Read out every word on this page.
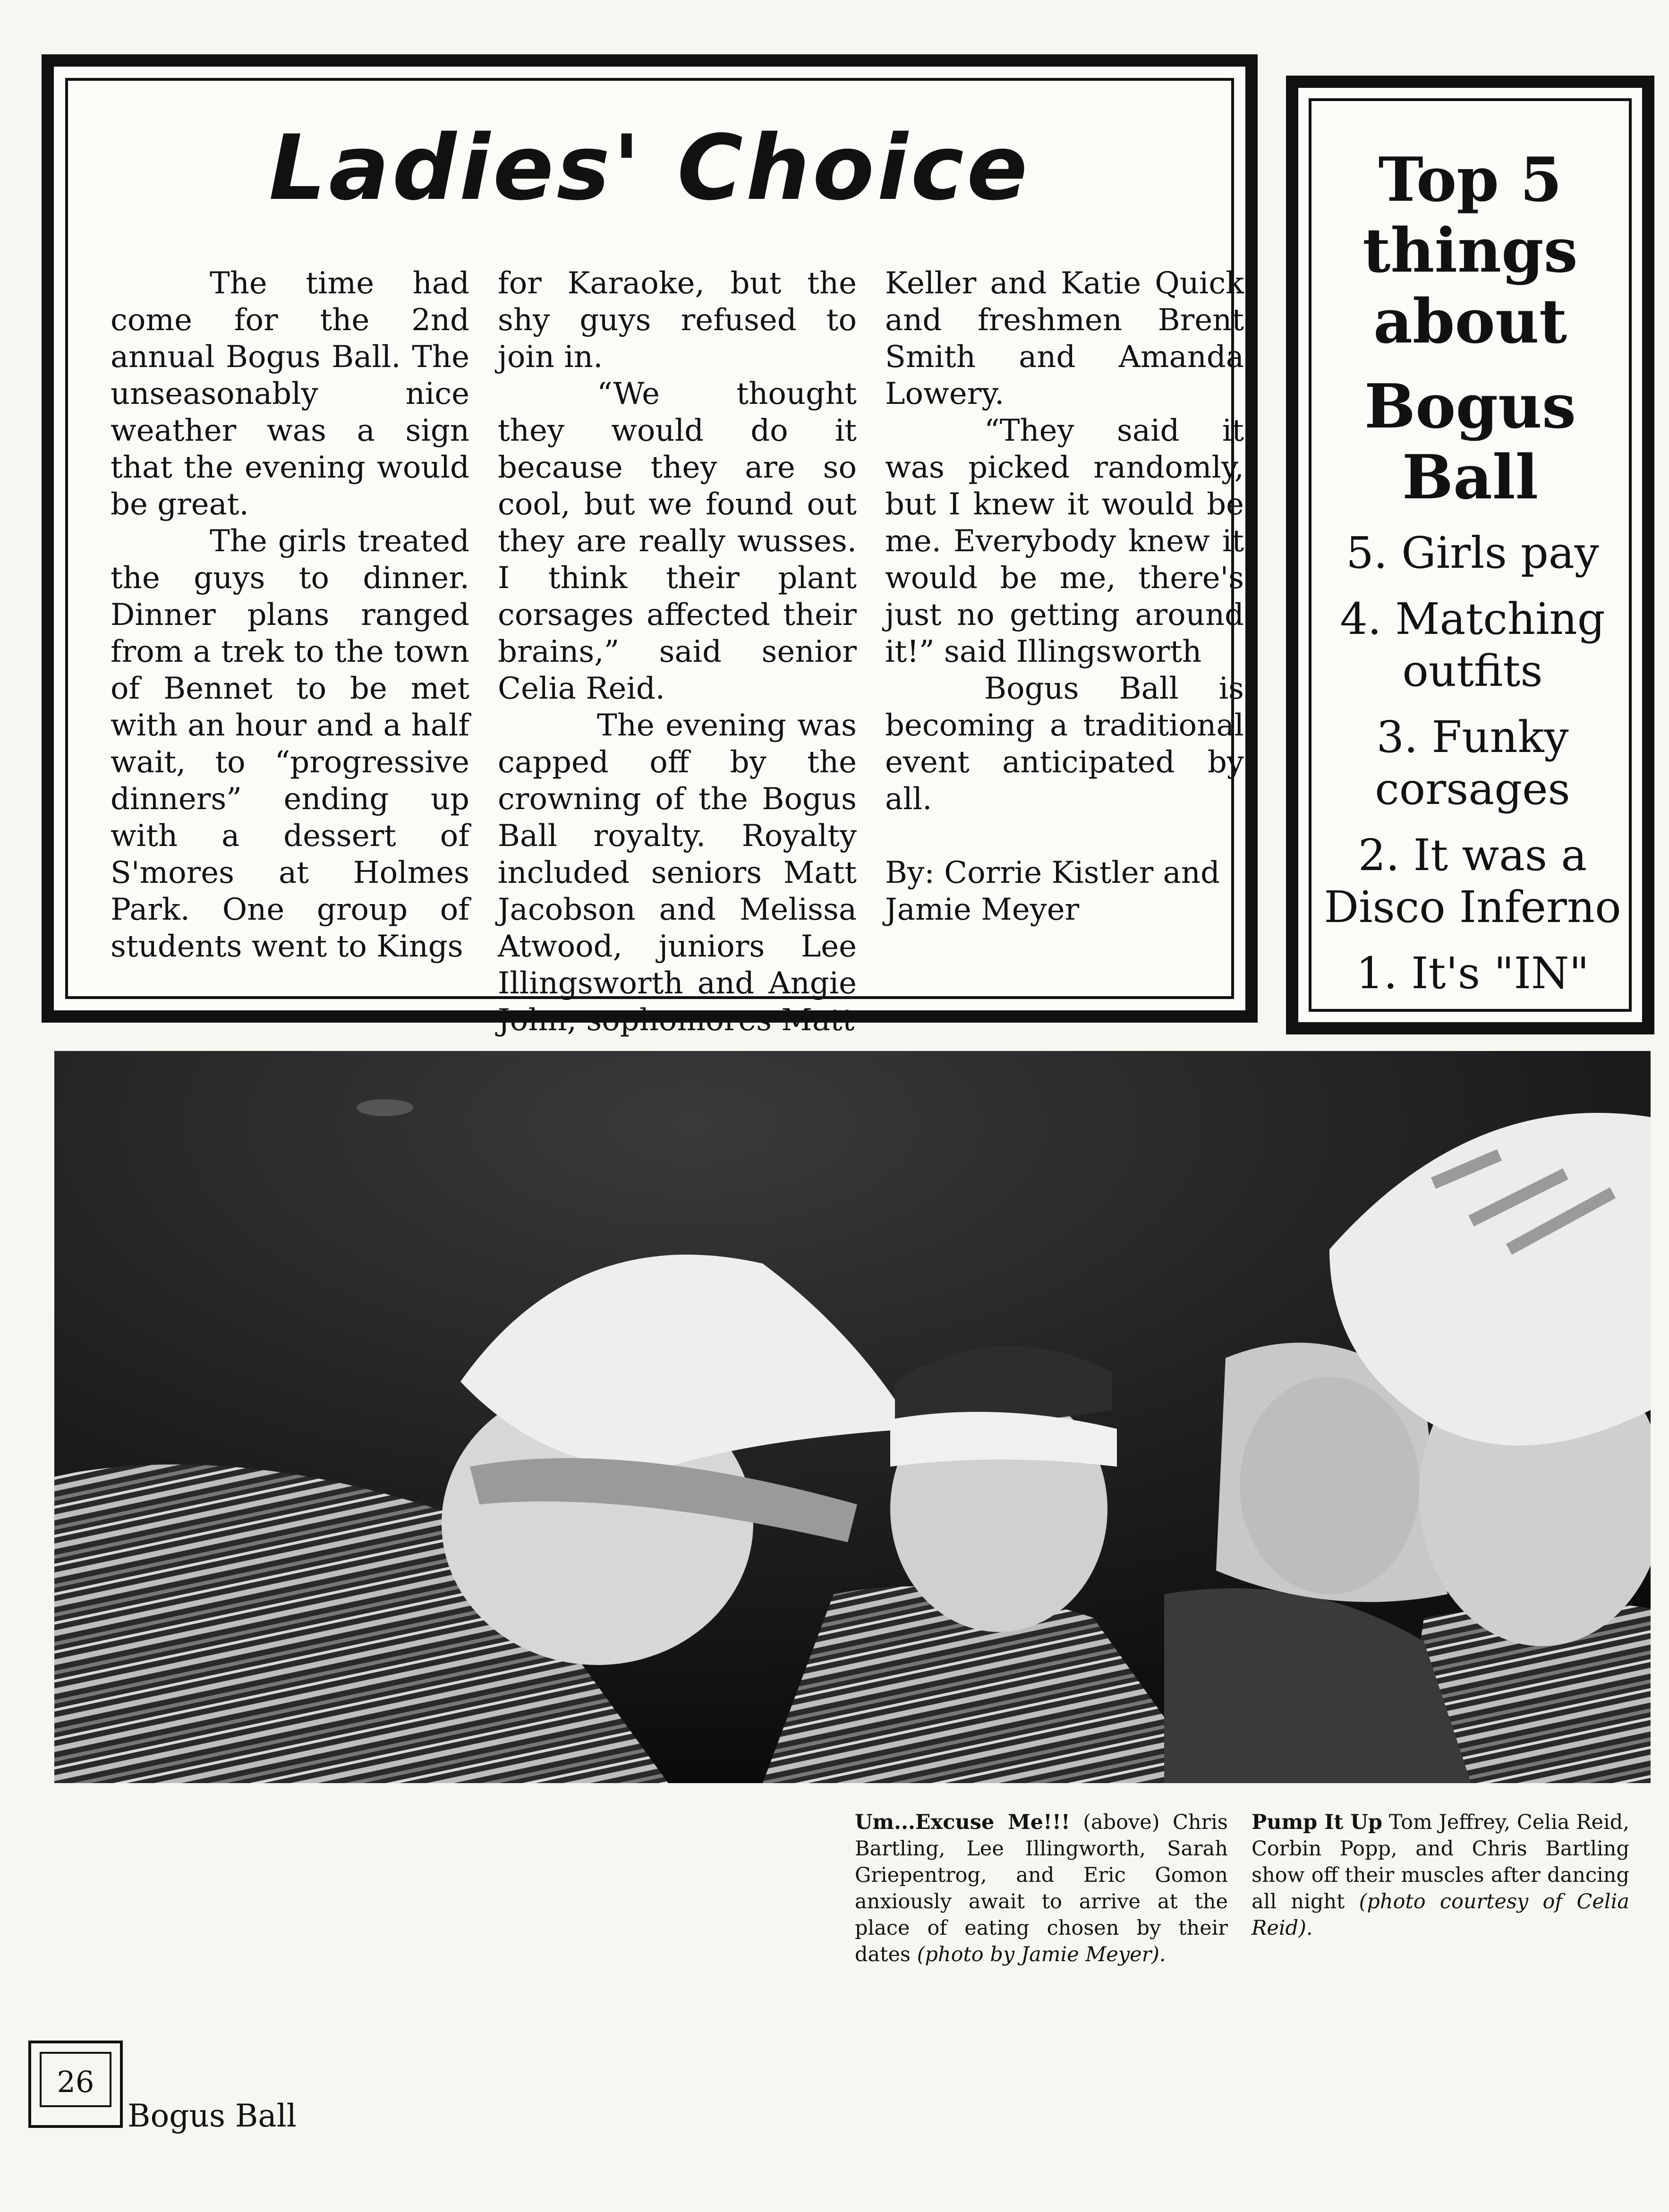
Ladies' Choice

The time had come for the 2nd annual Bogus Ball. The unseasonably nice weather was a sign that the evening would be great.

The girls treated the guys to dinner. Dinner plans ranged from a trek to the town of Bennet to be met with an hour and a half wait, to “progressive dinners” ending up with a dessert of S'mores at Holmes Park. One group of students went to Kings

for Karaoke, but the shy guys refused to join in.

“We thought they would do it because they are so cool, but we found out they are really wusses. I think their plant corsages affected their brains,” said senior Celia Reid.

The evening was capped off by the crowning of the Bogus Ball royalty. Royalty included seniors Matt Jacobson and Melissa Atwood, juniors Lee Illingsworth and Angie John, sophomores Matt

Keller and Katie Quick and freshmen Brent Smith and Amanda Lowery.

“They said it was picked randomly, but I knew it would be me. Everybody knew it would be me, there's just no getting around it!” said Illingsworth

Bogus Ball is becoming a traditional event anticipated by all.

By: Corrie Kistler and Jamie Meyer

Top 5 things about
Bogus Ball
5. Girls pay
4. Matching outfits
3. Funky corsages
2. It was a Disco Inferno
1. It's "IN"
Um...Excuse Me!!! (above) Chris Bartling, Lee Illingworth, Sarah Griepentrog, and Eric Gomon anxiously await to arrive at the place of eating chosen by their dates (photo by Jamie Meyer).
Pump It Up Tom Jeffrey, Celia Reid, Corbin Popp, and Chris Bartling show off their muscles after dancing all night (photo courtesy of Celia Reid).
26
Bogus Ball
